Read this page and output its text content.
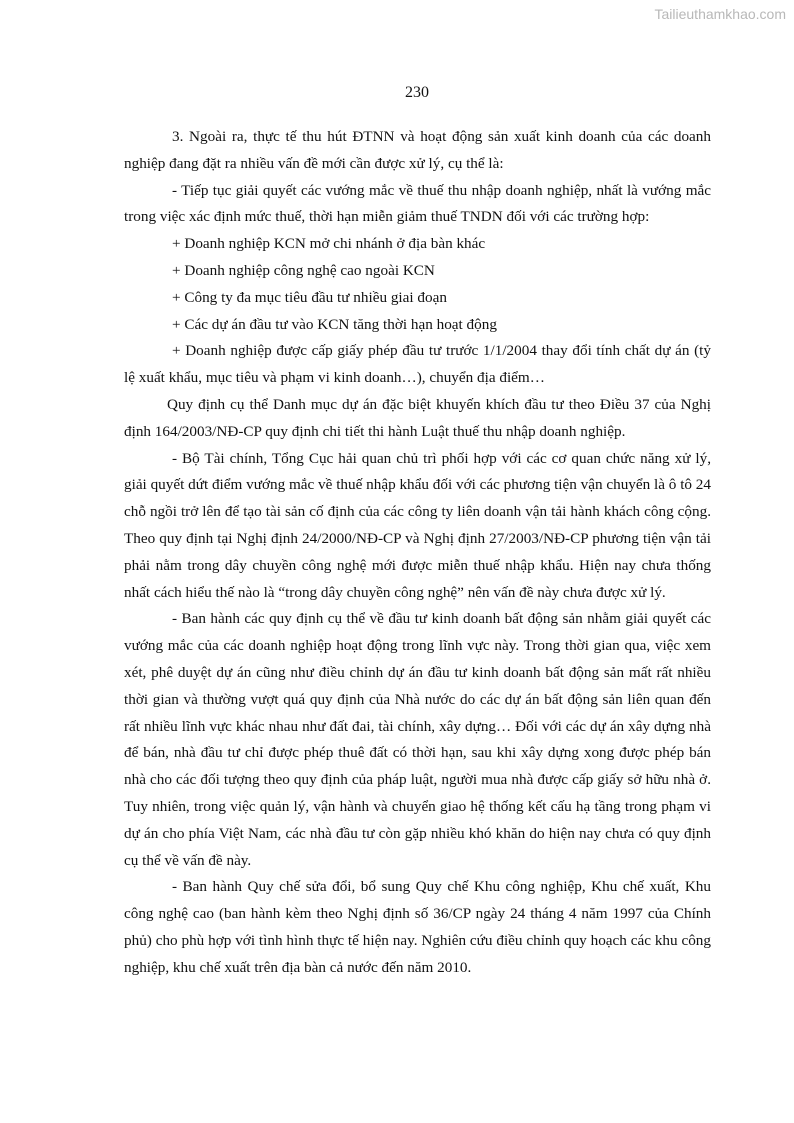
Tailieuthamkhao.com
230

3. Ngoài ra, thực tế thu hút ĐTNN và hoạt động sản xuất kinh doanh của các doanh nghiệp đang đặt ra nhiều vấn đề mới cần được xử lý, cụ thể là:

- Tiếp tục giải quyết các vướng mắc về thuế thu nhập doanh nghiệp, nhất là vướng mắc trong việc xác định mức thuế, thời hạn miễn giảm thuế TNDN đối với các trường hợp:

+ Doanh nghiệp KCN mở chi nhánh ở địa bàn khác

+ Doanh nghiệp công nghệ cao ngoài KCN

+ Công ty đa mục tiêu đầu tư nhiều giai đoạn

+ Các dự án đầu tư vào KCN tăng thời hạn hoạt động

+ Doanh nghiệp được cấp giấy phép đầu tư trước 1/1/2004 thay đổi tính chất dự án (tỷ lệ xuất khẩu, mục tiêu và phạm vi kinh doanh…), chuyển địa điểm…

Quy định cụ thể Danh mục dự án đặc biệt khuyến khích đầu tư theo Điều 37 của Nghị định 164/2003/NĐ-CP quy định chi tiết thi hành Luật thuế thu nhập doanh nghiệp.

- Bộ Tài chính, Tổng Cục hải quan chủ trì phối hợp với các cơ quan chức năng xử lý, giải quyết dứt điểm vướng mắc về thuế nhập khẩu đối với các phương tiện vận chuyển là ô tô 24 chỗ ngồi trở lên để tạo tài sản cố định của các công ty liên doanh vận tải hành khách công cộng. Theo quy định tại Nghị định 24/2000/NĐ-CP và Nghị định 27/2003/NĐ-CP phương tiện vận tải phải nằm trong dây chuyền công nghệ mới được miễn thuế nhập khẩu. Hiện nay chưa thống nhất cách hiểu thế nào là “trong dây chuyền công nghệ” nên vấn đề này chưa được xử lý.

- Ban hành các quy định cụ thể về đầu tư kinh doanh bất động sản nhằm giải quyết các vướng mắc của các doanh nghiệp hoạt động trong lĩnh vực này. Trong thời gian qua, việc xem xét, phê duyệt dự án cũng như điều chỉnh dự án đầu tư kinh doanh bất động sản mất rất nhiều thời gian và thường vượt quá quy định của Nhà nước do các dự án bất động sản liên quan đến rất nhiều lĩnh vực khác nhau như đất đai, tài chính, xây dựng… Đối với các dự án xây dựng nhà để bán, nhà đầu tư chỉ được phép thuê đất có thời hạn, sau khi xây dựng xong được phép bán nhà cho các đối tượng theo quy định của pháp luật, người mua nhà được cấp giấy sở hữu nhà ở. Tuy nhiên, trong việc quản lý, vận hành và chuyển giao hệ thống kết cấu hạ tầng trong phạm vi dự án cho phía Việt Nam, các nhà đầu tư còn gặp nhiều khó khăn do hiện nay chưa có quy định cụ thể về vấn đề này.

- Ban hành Quy chế sửa đổi, bổ sung Quy chế Khu công nghiệp, Khu chế xuất, Khu công nghệ cao (ban hành kèm theo Nghị định số 36/CP ngày 24 tháng 4 năm 1997 của Chính phủ) cho phù hợp với tình hình thực tế hiện nay. Nghiên cứu điều chỉnh quy hoạch các khu công nghiệp, khu chế xuất trên địa bàn cả nước đến năm 2010.
